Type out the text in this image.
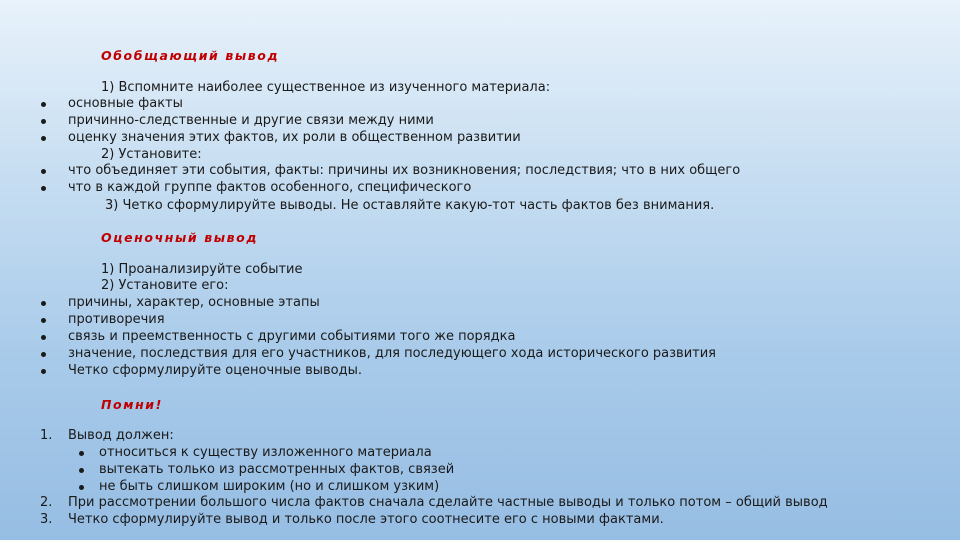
Обобщающий вывод

1) Вспомните наиболее существенное из изученного материала:

основные факты

причинно-следственные и другие связи между ними

оценку значения этих фактов, их роли в общественном развитии

2) Установите:

что объединяет эти события, факты: причины их возникновения; последствия; что в них общего

что в каждой группе фактов особенного, специфического

3) Четко сформулируйте выводы. Не оставляйте какую-тот часть фактов без внимания.

Оценочный вывод

1) Проанализируйте событие

2) Установите его:

причины, характер, основные этапы

противоречия

связь и преемственность с другими событиями того же порядка

значение, последствия для его участников, для последующего хода исторического развития

Четко сформулируйте оценочные выводы.

Помни!
1. Вывод должен:

относиться к существу изложенного материала

вытекать только из рассмотренных фактов, связей

не быть слишком широким (но и слишком узким)

2. При рассмотрении большого числа фактов сначала сделайте частные выводы и только потом – общий вывод

3. Четко сформулируйте вывод и только после этого соотнесите его с новыми фактами.
